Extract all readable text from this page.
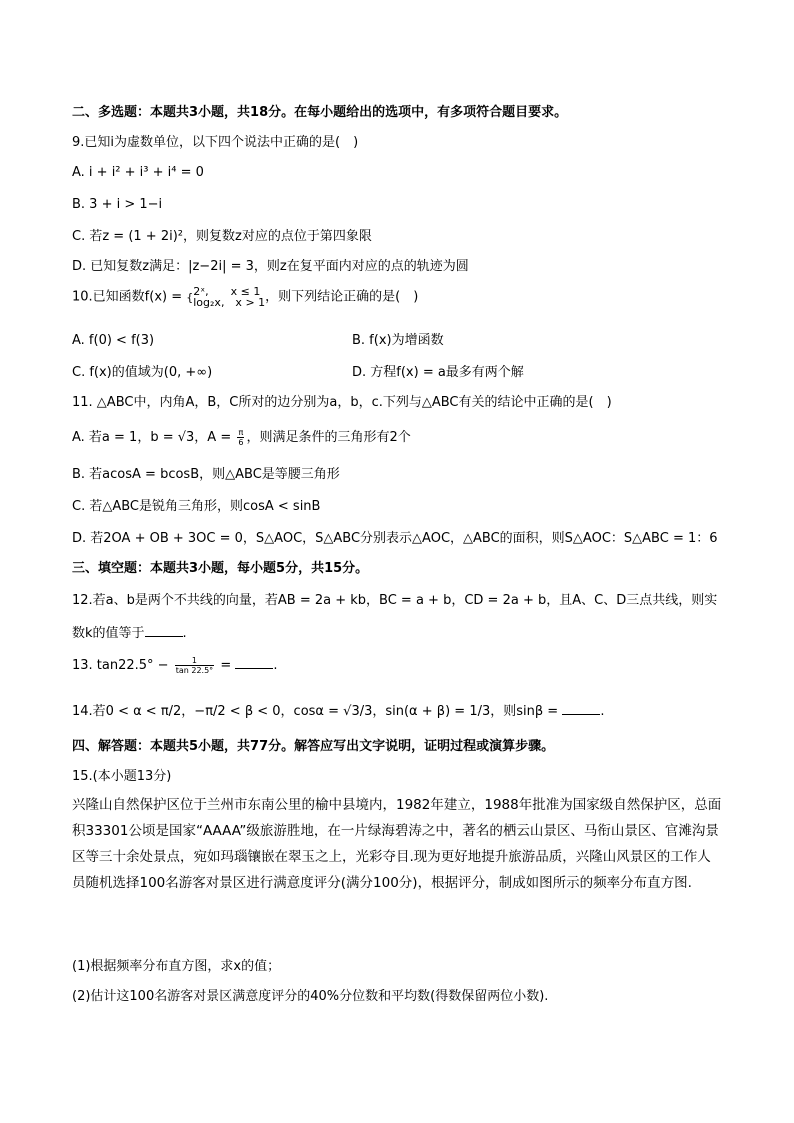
二、多选题：本题共3小题，共18分。在每小题给出的选项中，有多项符合题目要求。
9.已知i为虚数单位，以下四个说法中正确的是(　)
A. i + i² + i³ + i⁴ = 0
B. 3 + i > 1−i
C. 若z = (1 + 2i)²，则复数z对应的点位于第四象限
D. 已知复数z满足：|z−2i| = 3，则z在复平面内对应的点的轨迹为圆
10.已知函数f(x) = { 2ˣ,　　x ≤ 1
log₂x,　x > 1 ，则下列结论正确的是(　)
A. f(0) < f(3)	B. f(x)为增函数
C. f(x)的值域为(0, +∞)	D. 方程f(x) = a最多有两个解
11. △ABC中，内角A，B，C所对的边分别为a，b，c.下列与△ABC有关的结论中正确的是(　)
A. 若a = 1，b = √3，$A = \frac{\pi}{6}$ ，则满足条件的三角形有2个
B. 若acosA = bcosB，则△ABC是等腰三角形
C. 若△ABC是锐角三角形，则cosA < sinB
D. 若2OA + OB + 3OC = 0，S△AOC，S△ABC分别表示△AOC，△ABC的面积，则S△AOC：S△ABC = 1：6
三、填空题：本题共3小题，每小题5分，共15分。
12.若a、b是两个不共线的向量，若AB = 2a + kb，BC = a + b，CD = 2a + b，且A、C、D三点共线，则实
数k的值等于	.
13. $\tan 22.5^\circ - \frac{1}{\tan 22.5^\circ}$ =	.
14.若0 < α < π/2，−π/2 < β < 0，cosα = √3/3，sin(α + β) = 1/3，则sinβ =	.
四、解答题：本题共5小题，共77分。解答应写出文字说明，证明过程或演算步骤。
15.(本小题13分)
兴隆山自然保护区位于兰州市东南公里的榆中县境内，1982年建立，1988年批准为国家级自然保护区，总面积33301公顷是国家“AAAA”级旅游胜地，在一片绿海碧涛之中，著名的栖云山景区、马衔山景区、官滩沟景区等三十余处景点，宛如玛瑙镶嵌在翠玉之上，光彩夺目.现为更好地提升旅游品质，兴隆山风景区的工作人员随机选择100名游客对景区进行满意度评分(满分100分)，根据评分，制成如图所示的频率分布直方图.
(1)根据频率分布直方图，求x的值；
(2)估计这100名游客对景区满意度评分的40%分位数和平均数(得数保留两位小数).
